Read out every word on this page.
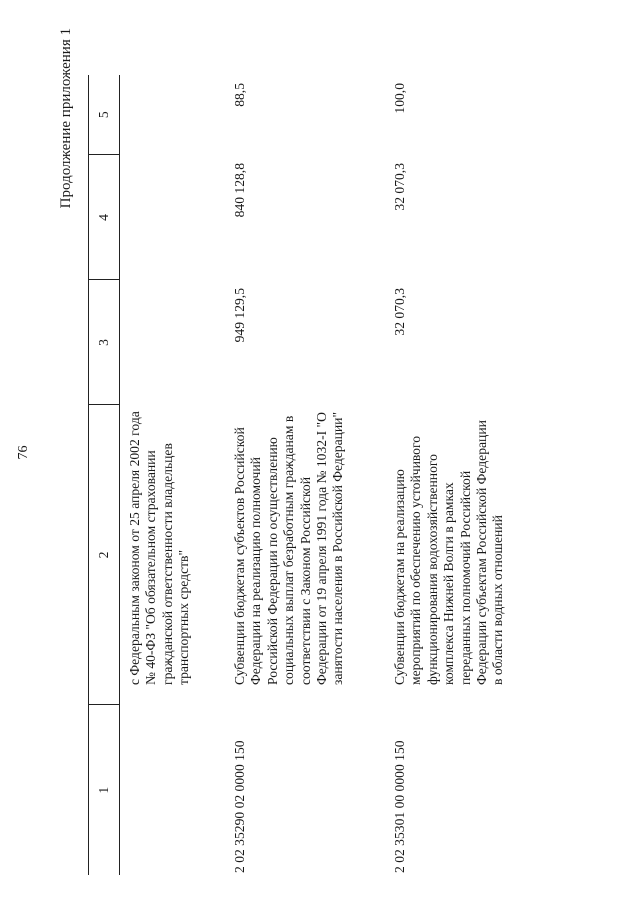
76
Продолжение приложения 1
1	2	3	4	5
	с Федеральным законом от 25 апреля 2002 года № 40-ФЗ "Об обязательном страховании гражданской ответственности владельцев транспортных средств"			
2 02 35290 02 0000 150	Субвенции бюджетам субъектов Российской Федерации на реализацию полномочий Российской Федерации по осуществлению социальных выплат безработным гражданам в соответствии с Законом Российской Федерации от 19 апреля 1991 года № 1032-I "О занятости населения в Российской Федерации"	949 129,5	840 128,8	88,5
2 02 35301 00 0000 150	Субвенции бюджетам на реализацию мероприятий по обеспечению устойчивого функционирования водохозяйственного комплекса Нижней Волги в рамках переданных полномочий Российской Федерации субъектам Российской Федерации в области водных отношений	32 070,3	32 070,3	100,0
